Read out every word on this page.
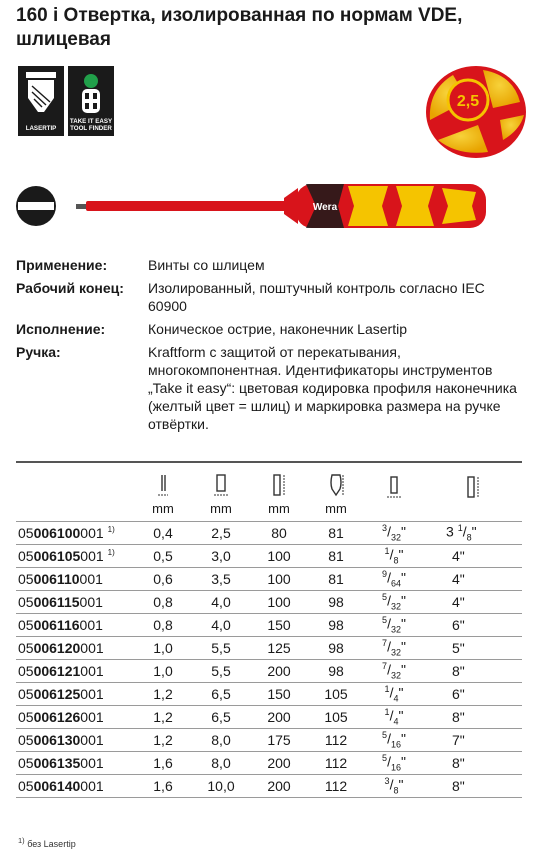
160 i Отвертка, изолированная по нормам VDE, шлицевая
LASERTIP
TAKE IT EASY
TOOL FINDER
2,5
Wera
Применение:	Винты со шлицем
Рабочий конец:	Изолированный, поштучный контроль согласно IEC 60900
Исполнение:	Коническое острие, наконечник Lasertip
Ручка:	Kraftform с защитой от перекатывания, многокомпонентная. Идентификаторы инструментов „Take it easy“: цветовая кодировка профиля наконечника (желтый цвет = шлиц) и маркировка размера на ручке отвёртки.

	mm	mm	mm	mm

05006100001 $^{1)}$	0,4	2,5	80	81	$^3/_{32}$"	3 $^1/_8$"
05006105001 $^{1)}$	0,5	3,0	100	81	$^1/_8$"	4"
05006110001	0,6	3,5	100	81	$^9/_{64}$"	4"
05006115001	0,8	4,0	100	98	$^5/_{32}$"	4"
05006116001	0,8	4,0	150	98	$^5/_{32}$"	6"
05006120001	1,0	5,5	125	98	$^7/_{32}$"	5"
05006121001	1,0	5,5	200	98	$^7/_{32}$"	8"
05006125001	1,2	6,5	150	105	$^1/_4$"	6"
05006126001	1,2	6,5	200	105	$^1/_4$"	8"
05006130001	1,2	8,0	175	112	$^5/_{16}$"	7"
05006135001	1,6	8,0	200	112	$^5/_{16}$"	8"
05006140001	1,6	10,0	200	112	$^3/_8$"	8"
$^{1)}$ без Lasertip
